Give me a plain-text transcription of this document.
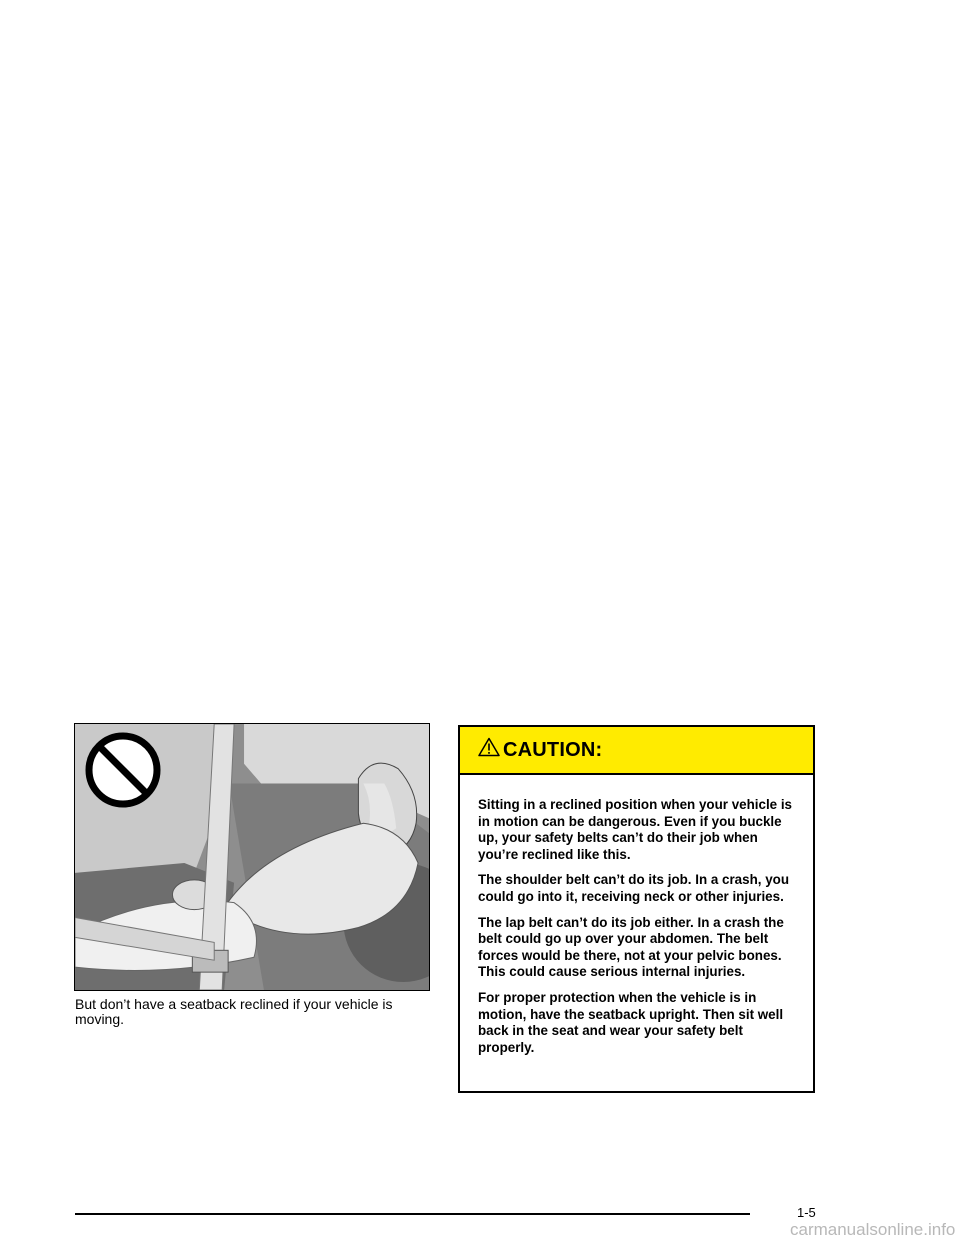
But don’t have a seatback reclined if your vehicle is moving.

CAUTION:

Sitting in a reclined position when your vehicle is in motion can be dangerous. Even if you buckle up, your safety belts can’t do their job when you’re reclined like this.

The shoulder belt can’t do its job. In a crash, you could go into it, receiving neck or other injuries.

The lap belt can’t do its job either. In a crash the belt could go up over your abdomen. The belt forces would be there, not at your pelvic bones. This could cause serious internal injuries.

For proper protection when the vehicle is in motion, have the seatback upright. Then sit well back in the seat and wear your safety belt properly.

1-5
carmanualsonline.info
